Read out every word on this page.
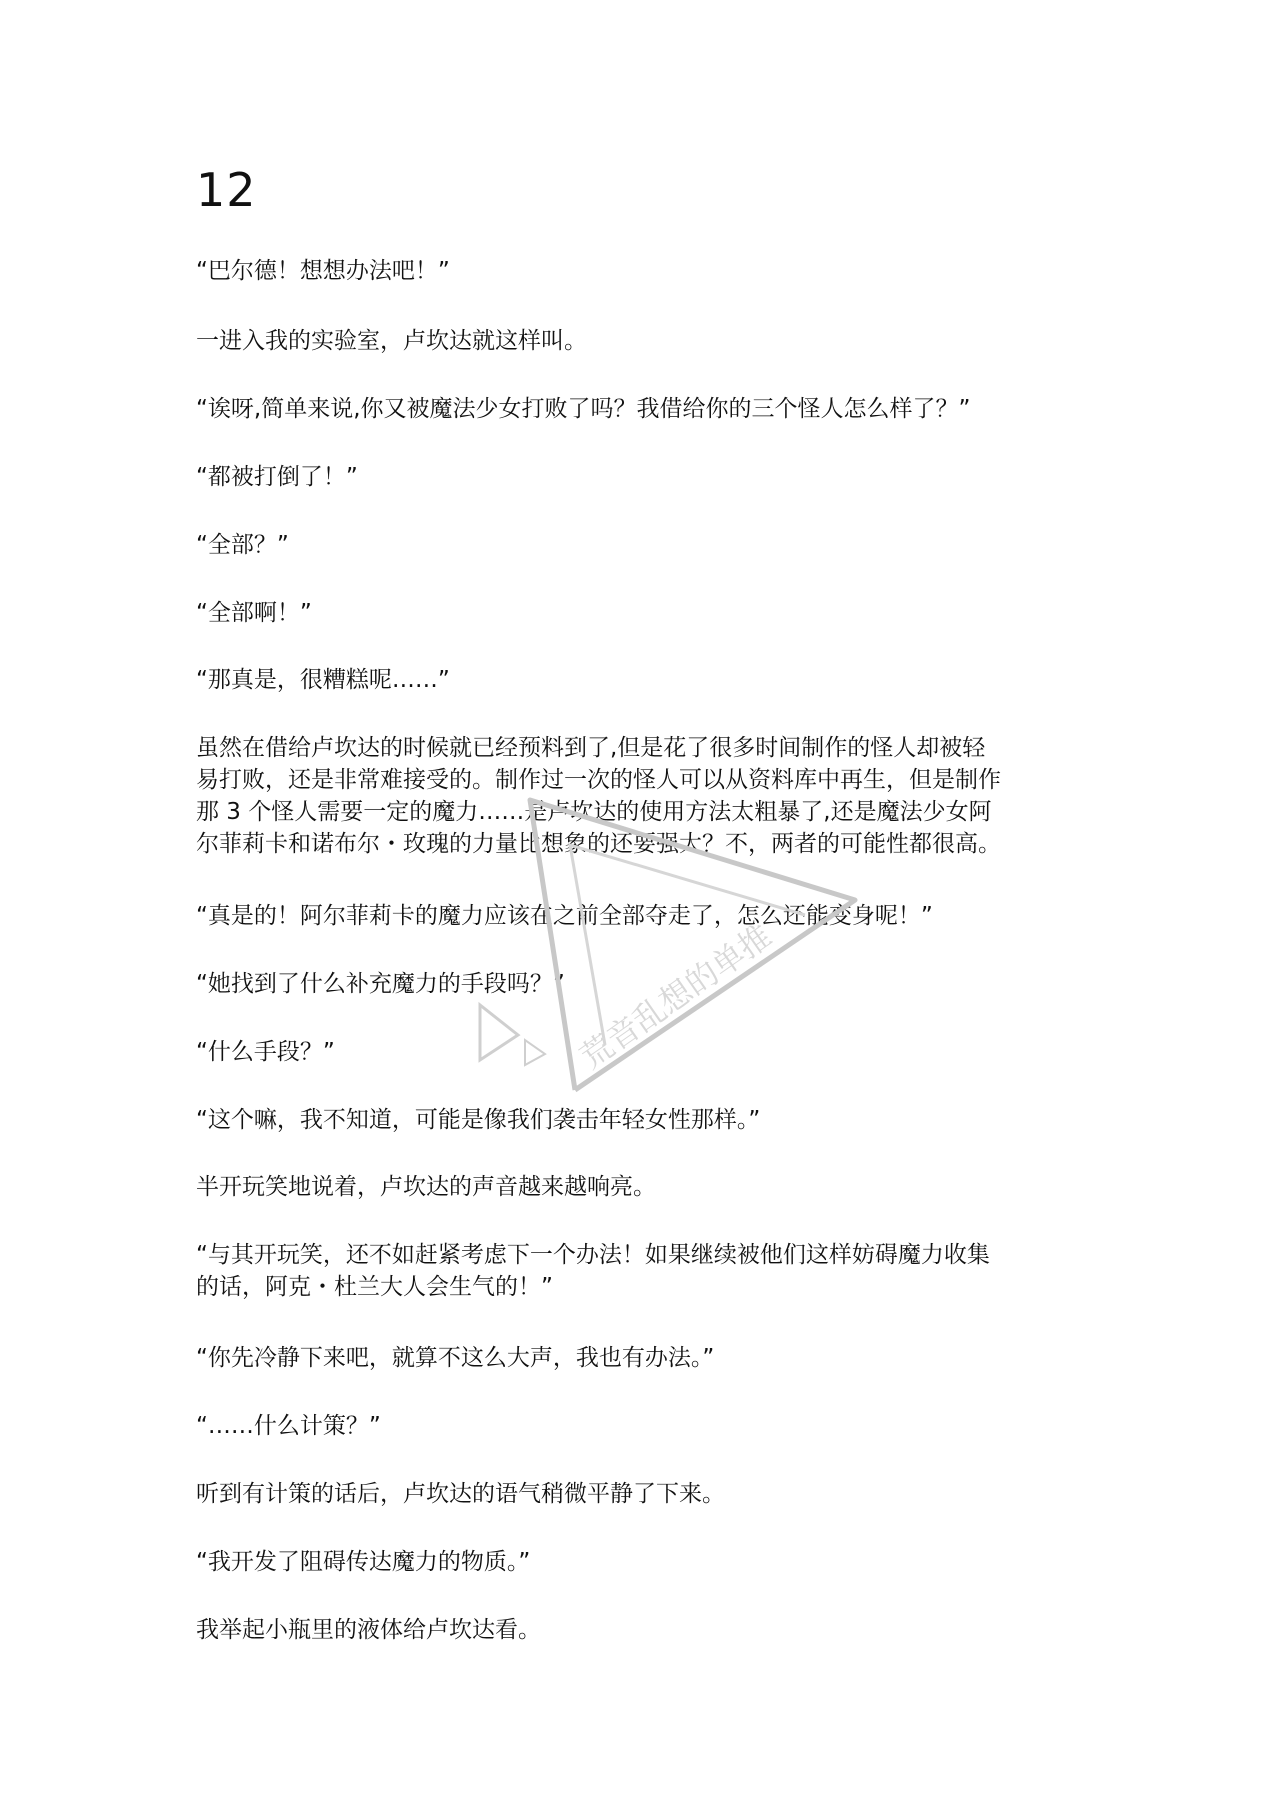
12

“巴尔德！想想办法吧！”

一进入我的实验室，卢坎达就这样叫。

“诶呀,简单来说,你又被魔法少女打败了吗？我借给你的三个怪人怎么样了？”

“都被打倒了！”

“全部？”

“全部啊！”

“那真是，很糟糕呢……”

虽然在借给卢坎达的时候就已经预料到了,但是花了很多时间制作的怪人却被轻

易打败，还是非常难接受的。制作过一次的怪人可以从资料库中再生，但是制作

那 3 个怪人需要一定的魔力……是卢坎达的使用方法太粗暴了,还是魔法少女阿

尔菲莉卡和诺布尔・玫瑰的力量比想象的还要强大？不，两者的可能性都很高。

“真是的！阿尔菲莉卡的魔力应该在之前全部夺走了，怎么还能变身呢！”

“她找到了什么补充魔力的手段吗？”

“什么手段？”

“这个嘛，我不知道，可能是像我们袭击年轻女性那样。”

半开玩笑地说着，卢坎达的声音越来越响亮。

“与其开玩笑，还不如赶紧考虑下一个办法！如果继续被他们这样妨碍魔力收集

的话，阿克・杜兰大人会生气的！”

“你先冷静下来吧，就算不这么大声，我也有办法。”

“……什么计策？”

听到有计策的话后，卢坎达的语气稍微平静了下来。

“我开发了阻碍传达魔力的物质。”

我举起小瓶里的液体给卢坎达看。

荒音乱想的单推
